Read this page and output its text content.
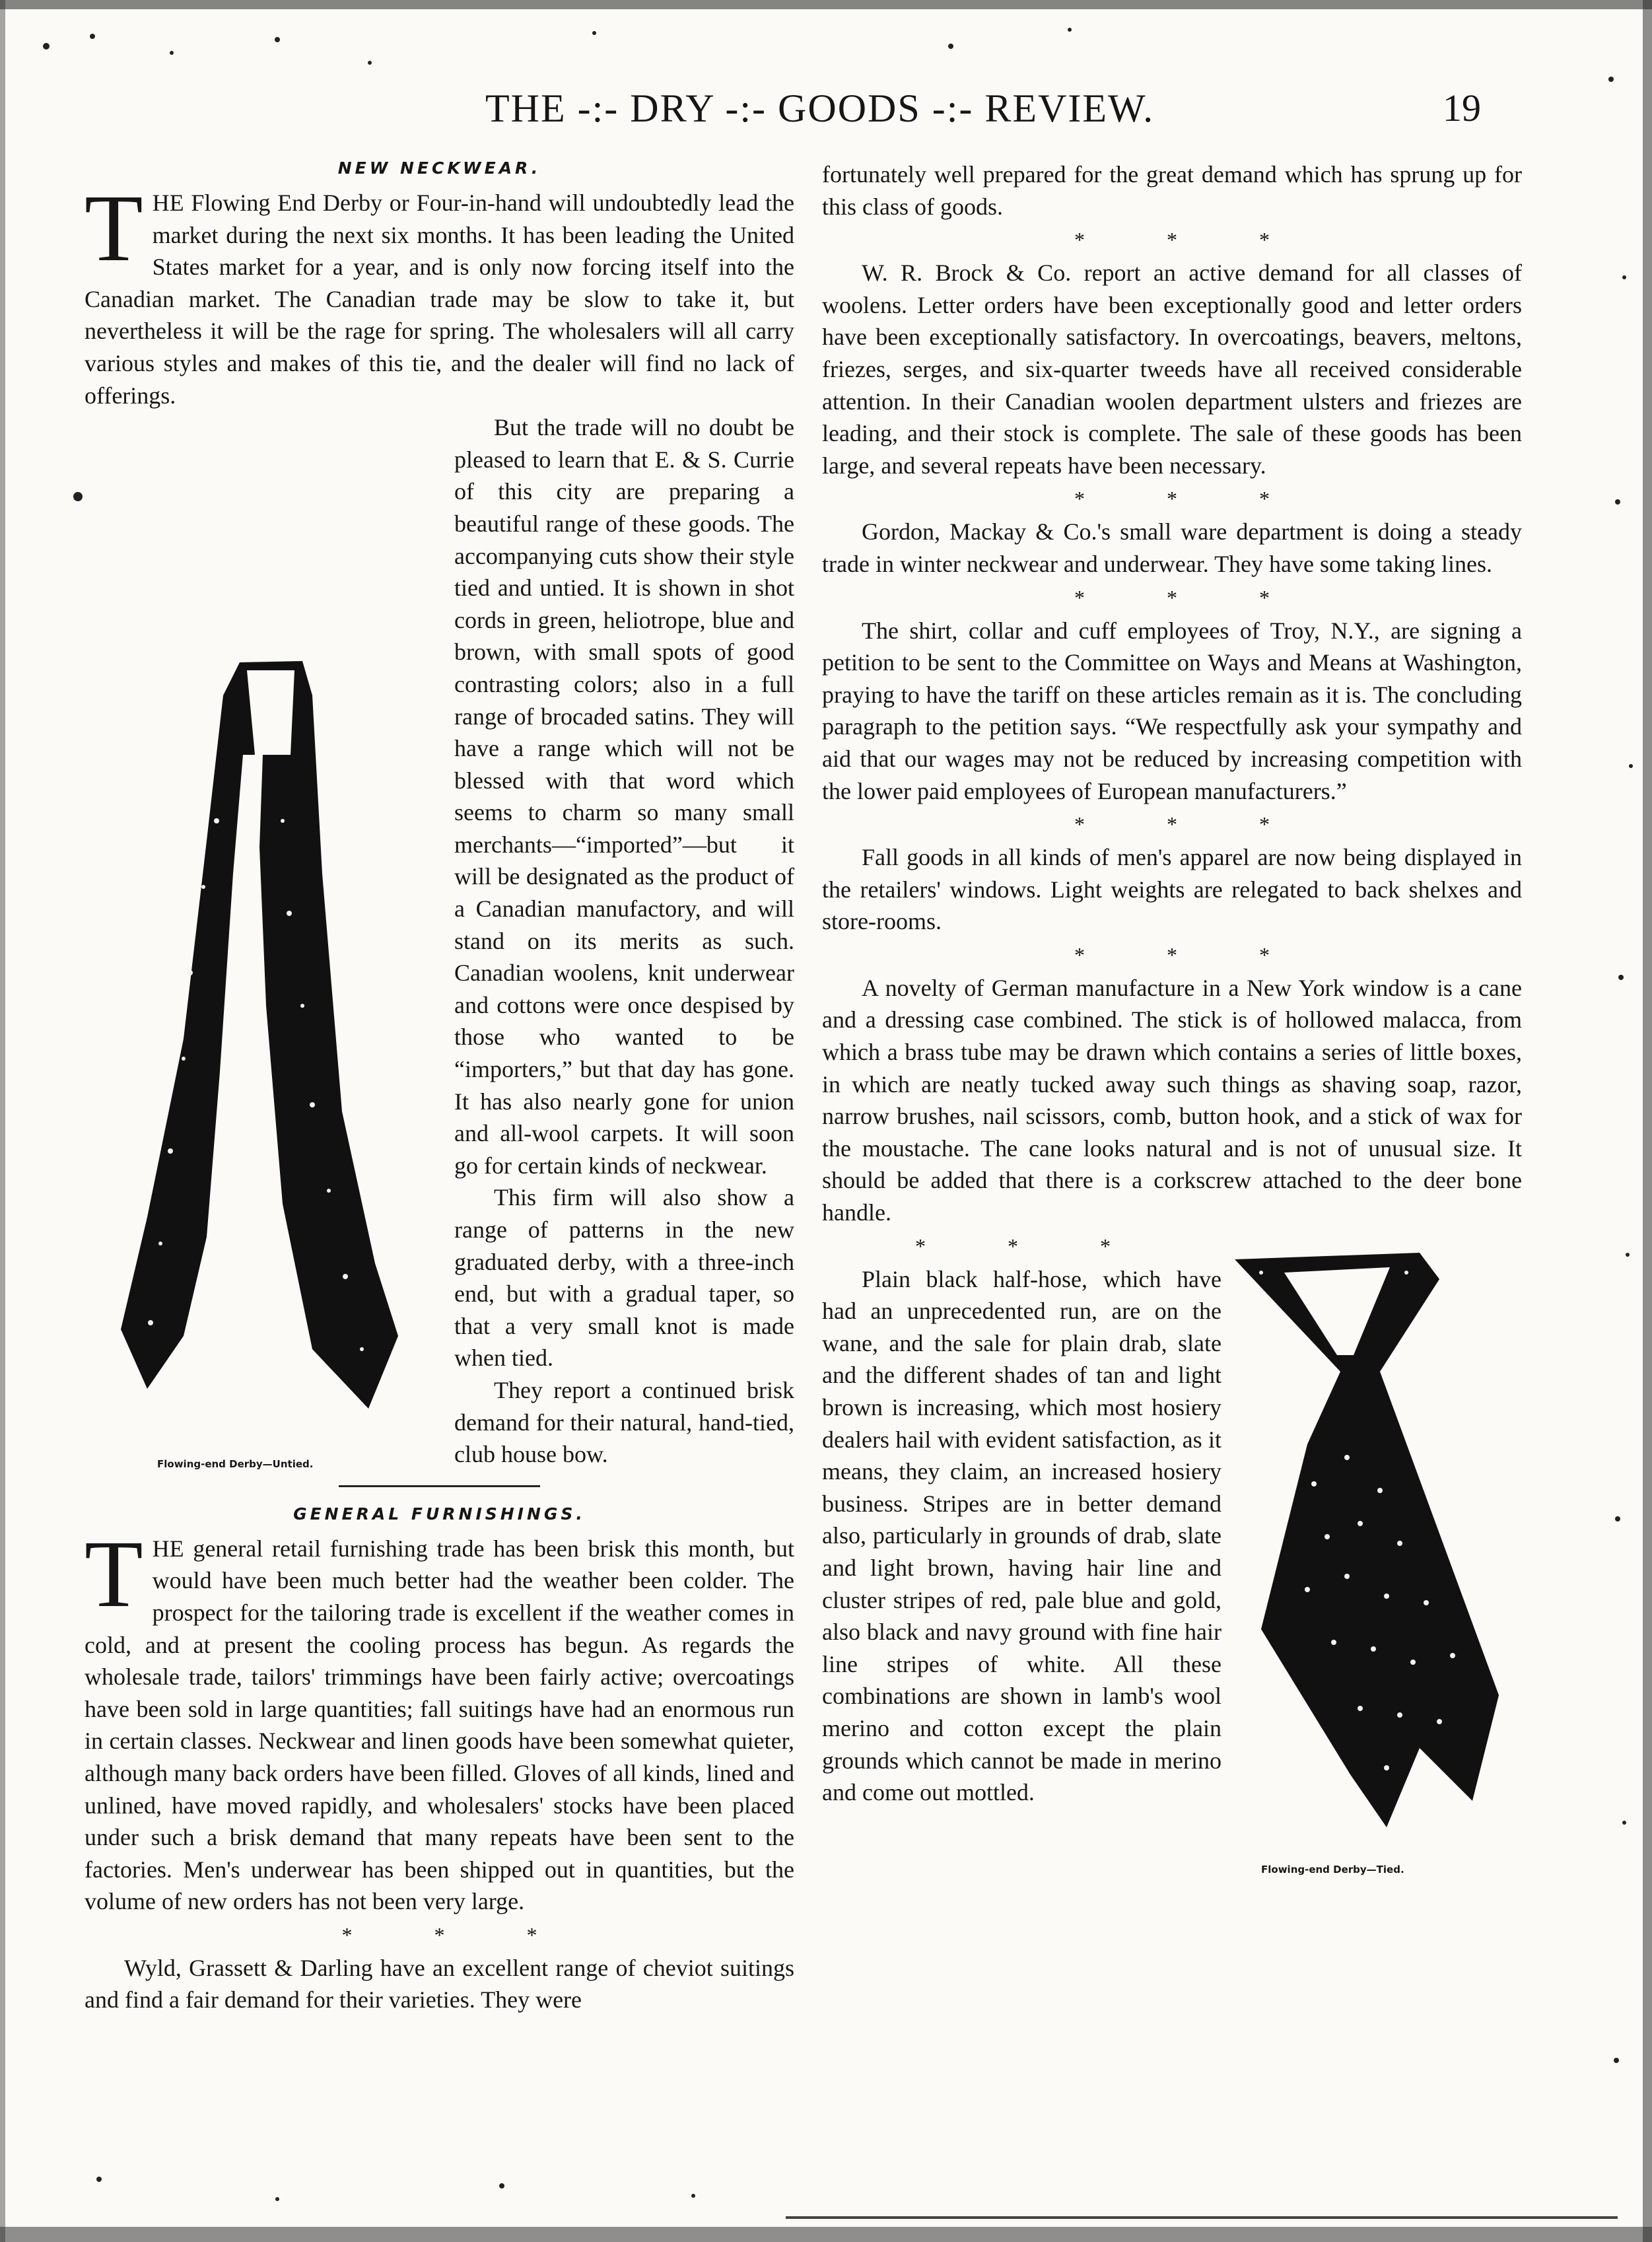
THE -:- DRY -:- GOODS -:- REVIEW.	19
NEW NECKWEAR.

T HE Flowing End Derby or Four-in-hand will undoubtedly lead the market during the next six months. It has been leading the United States market for a year, and is only now forcing itself into the Canadian market. The Canadian trade may be slow to take it, but nevertheless it will be the rage for spring. The wholesalers will all carry various styles and makes of this tie, and the dealer will find no lack of offerings.

Flowing-end Derby—Untied.

But the trade will no doubt be pleased to learn that E. & S. Currie of this city are preparing a beautiful range of these goods. The accompanying cuts show their style tied and untied. It is shown in shot cords in green, heliotrope, blue and brown, with small spots of good contrasting colors; also in a full range of brocaded satins. They will have a range which will not be blessed with that word which seems to charm so many small merchants—“imported”—but it will be designated as the product of a Canadian manufactory, and will stand on its merits as such. Canadian woolens, knit underwear and cottons were once despised by those who wanted to be “importers,” but that day has gone. It has also nearly gone for union and all-wool carpets. It will soon go for certain kinds of neckwear.

This firm will also show a range of patterns in the new graduated derby, with a three-inch end, but with a gradual taper, so that a very small knot is made when tied.

They report a continued brisk demand for their natural, hand-tied, club house bow.

GENERAL FURNISHINGS.

T HE general retail furnishing trade has been brisk this month, but would have been much better had the weather been colder. The prospect for the tailoring trade is excellent if the weather comes in cold, and at present the cooling process has begun. As regards the wholesale trade, tailors' trimmings have been fairly active; overcoatings have been sold in large quantities; fall suitings have had an enormous run in certain classes. Neckwear and linen goods have been somewhat quieter, although many back orders have been filled. Gloves of all kinds, lined and unlined, have moved rapidly, and wholesalers' stocks have been placed under such a brisk demand that many repeats have been sent to the factories. Men's underwear has been shipped out in quantities, but the volume of new orders has not been very large.

* * *

Wyld, Grassett & Darling have an excellent range of cheviot suitings and find a fair demand for their varieties. They were

fortunately well prepared for the great demand which has sprung up for this class of goods.

* * *

W. R. Brock & Co. report an active demand for all classes of woolens. Letter orders have been exceptionally good and letter orders have been exceptionally satisfactory. In overcoatings, beavers, meltons, friezes, serges, and six-quarter tweeds have all received considerable attention. In their Canadian woolen department ulsters and friezes are leading, and their stock is complete. The sale of these goods has been large, and several repeats have been necessary.

* * *

Gordon, Mackay & Co.'s small ware department is doing a steady trade in winter neckwear and underwear. They have some taking lines.

* * *

The shirt, collar and cuff employees of Troy, N.Y., are signing a petition to be sent to the Committee on Ways and Means at Washington, praying to have the tariff on these articles remain as it is. The concluding paragraph to the petition says. “We respectfully ask your sympathy and aid that our wages may not be reduced by increasing competition with the lower paid employees of European manufacturers.”

* * *

Fall goods in all kinds of men's apparel are now being displayed in the retailers' windows. Light weights are relegated to back shelxes and store-rooms.

* * *

A novelty of German manufacture in a New York window is a cane and a dressing case combined. The stick is of hollowed malacca, from which a brass tube may be drawn which contains a series of little boxes, in which are neatly tucked away such things as shaving soap, razor, narrow brushes, nail scissors, comb, button hook, and a stick of wax for the moustache. The cane looks natural and is not of unusual size. It should be added that there is a corkscrew attached to the deer bone handle.

Flowing-end Derby—Tied.
* * *

Plain black half-hose, which have had an unprecedented run, are on the wane, and the sale for plain drab, slate and the different shades of tan and light brown is increasing, which most hosiery dealers hail with evident satisfaction, as it means, they claim, an increased hosiery business. Stripes are in better demand also, particularly in grounds of drab, slate and light brown, having hair line and cluster stripes of red, pale blue and gold, also black and navy ground with fine hair line stripes of white. All these combinations are shown in lamb's wool merino and cotton except the plain grounds which cannot be made in merino and come out mottled.
